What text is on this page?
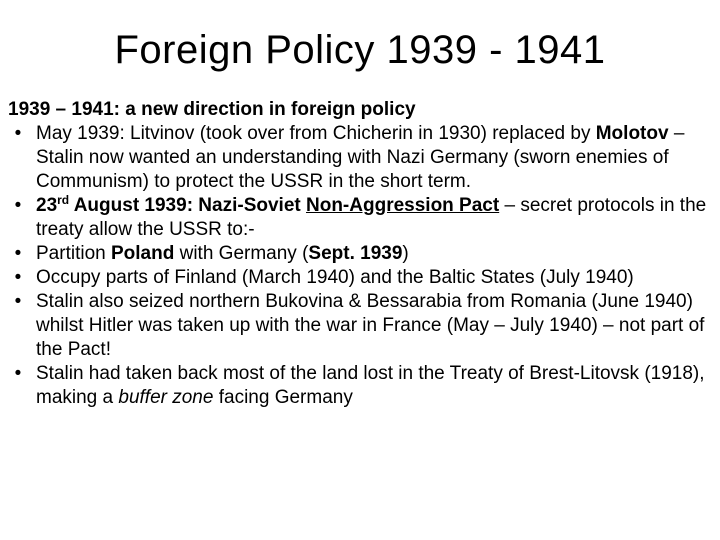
Foreign Policy 1939 - 1941

1939 – 1941: a new direction in foreign policy

• May 1939: Litvinov (took over from Chicherin in 1930) replaced by Molotov – Stalin now wanted an understanding with Nazi Germany (sworn enemies of Communism) to protect the USSR in the short term.
• 23rd August 1939: Nazi-Soviet Non-Aggression Pact – secret protocols in the treaty allow the USSR to:-
• Partition Poland with Germany (Sept. 1939)
• Occupy parts of Finland (March 1940) and the Baltic States (July 1940)
• Stalin also seized northern Bukovina & Bessarabia from Romania (June 1940) whilst Hitler was taken up with the war in France (May – July 1940) – not part of the Pact!
• Stalin had taken back most of the land lost in the Treaty of Brest-Litovsk (1918), making a buffer zone facing Germany
